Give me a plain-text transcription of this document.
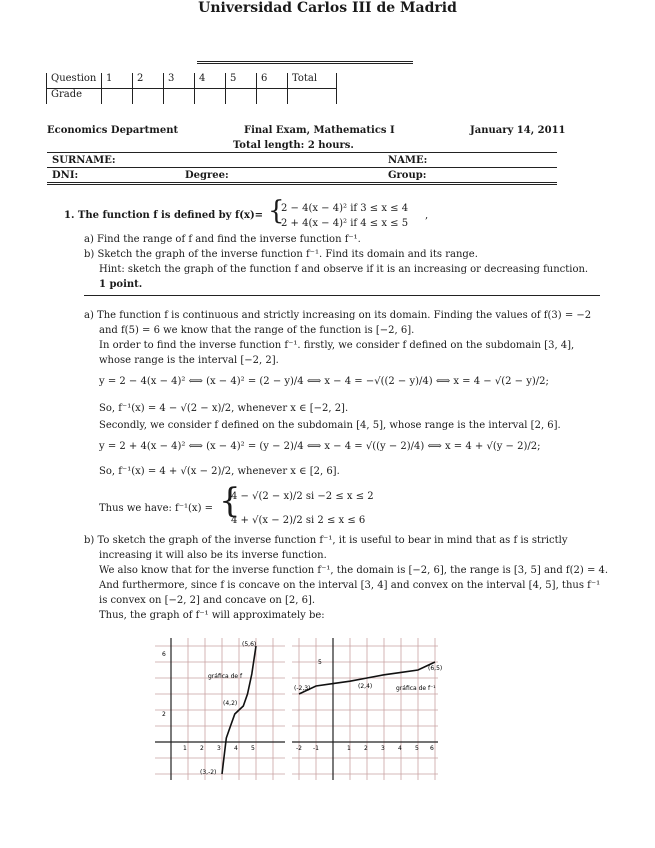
Universidad Carlos III de Madrid
Question	1	2	3	4	5	6	Total
Grade							
Economics Department	Final Exam, Mathematics I	January 14, 2011
Total length: 2 hours.
SURNAME:	NAME:
DNI:	Degree:	Group:
1. The function f is defined by f(x)= {
2 − 4(x − 4)² if 3 ≤ x ≤ 4
2 + 4(x − 4)² if 4 ≤ x ≤ 5
,
a) Find the range of f and find the inverse function f⁻¹.
b) Sketch the graph of the inverse function f⁻¹. Find its domain and its range.
Hint: sketch the graph of the function f and observe if it is an increasing or decreasing function.
1 point.
a) The function f is continuous and strictly increasing on its domain. Finding the values of f(3) = −2
and f(5) = 6 we know that the range of the function is [−2, 6].
In order to find the inverse function f⁻¹. firstly, we consider f defined on the subdomain [3, 4],
whose range is the interval [−2, 2].
y = 2 − 4(x − 4)² ⟺ (x − 4)² = (2 − y)/4 ⟺ x − 4 = −√((2 − y)/4) ⟺ x = 4 − √(2 − y)/2;
So, f⁻¹(x) = 4 − √(2 − x)/2, whenever x ∈ [−2, 2].
Secondly, we consider f defined on the subdomain [4, 5], whose range is the interval [2, 6].
y = 2 + 4(x − 4)² ⟺ (x − 4)² = (y − 2)/4 ⟺ x − 4 = √((y − 2)/4) ⟺ x = 4 + √(y − 2)/2;
So, f⁻¹(x) = 4 + √(x − 2)/2, whenever x ∈ [2, 6].
Thus we have: f⁻¹(x) = {
4 − √(2 − x)/2 si −2 ≤ x ≤ 2
4 + √(x − 2)/2 si 2 ≤ x ≤ 6
b) To sketch the graph of the inverse function f⁻¹, it is useful to bear in mind that as f is strictly
increasing it will also be its inverse function.
We also know that for the inverse function f⁻¹, the domain is [−2, 6], the range is [3, 5] and f(2) = 4.
And furthermore, since f is concave on the interval [3, 4] and convex on the interval [4, 5], thus f⁻¹
is convex on [−2, 2] and concave on [2, 6].
Thus, the graph of f⁻¹ will approximately be:
1 2 3 4 5
2
6
gráfica de f
(5,6)
(4,2)
(3,-2)
-2 -1	1 2 3 4 5 6
5
gráfica de f⁻¹
(-2,3)	(2,4)
(6,5)
